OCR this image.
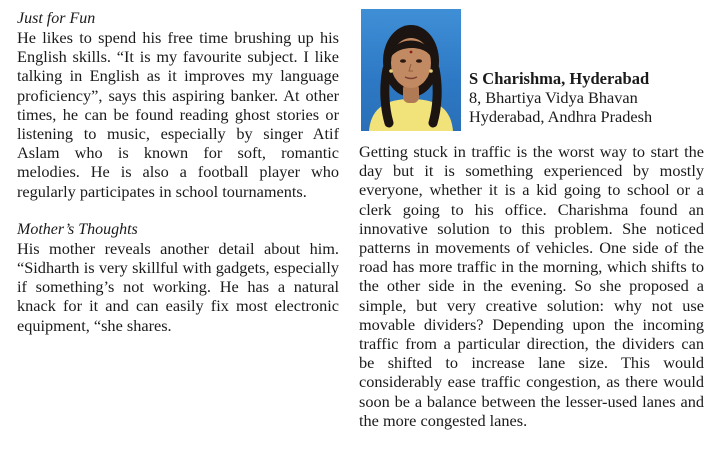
Just for Fun

He likes to spend his free time brushing up his English skills. “It is my favourite subject. I like talking in English as it improves my language proficiency”, says this aspiring banker. At other times, he can be found reading ghost stories or listening to music, especially by singer Atif Aslam who is known for soft, romantic melodies. He is also a football player who regularly participates in school tournaments.

Mother’s Thoughts

His mother reveals another detail about him. “Sidharth is very skillful with gadgets, especially if something’s not working. He has a natural knack for it and can easily fix most electronic equipment, “she shares.

S Charishma, Hyderabad

8, Bhartiya Vidya Bhavan

Hyderabad, Andhra Pradesh

Getting stuck in traffic is the worst way to start the day but it is something experienced by mostly everyone, whether it is a kid going to school or a clerk going to his office. Charishma found an innovative solution to this problem. She noticed patterns in movements of vehicles. One side of the road has more traffic in the morning, which shifts to the other side in the evening. So she proposed a simple, but very creative solution: why not use movable dividers? Depending upon the incoming traffic from a particular direction, the dividers can be shifted to increase lane size. This would considerably ease traffic congestion, as there would soon be a balance between the lesser-used lanes and the more congested lanes.
